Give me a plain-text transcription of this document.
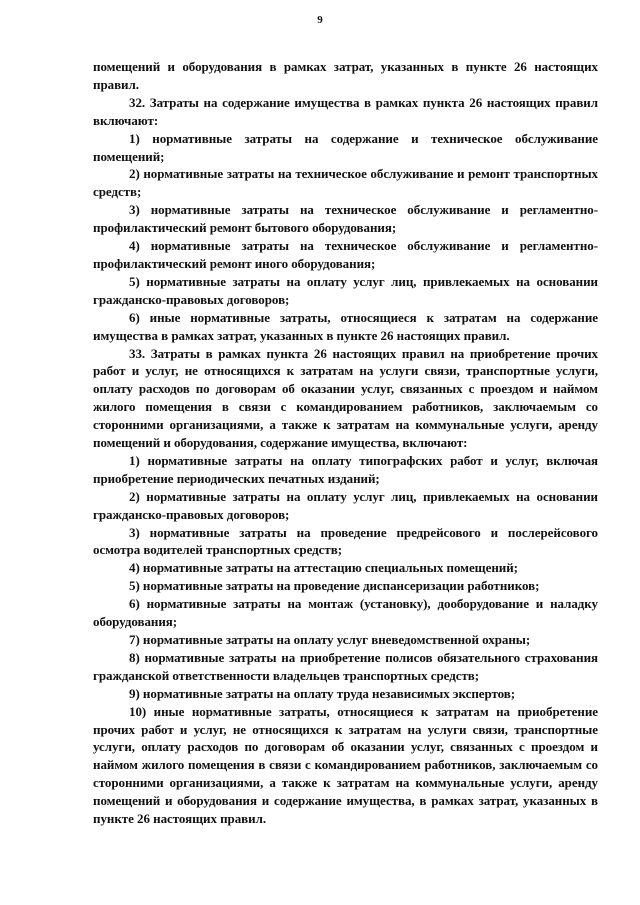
9

помещений и оборудования в рамках затрат, указанных в пункте 26 настоящих правил.

32. Затраты на содержание имущества в рамках пункта 26 настоящих правил включают:

1) нормативные затраты на содержание и техническое обслуживание помещений;

2) нормативные затраты на техническое обслуживание и ремонт транспортных средств;

3) нормативные затраты на техническое обслуживание и регламентно-профилактический ремонт бытового оборудования;

4) нормативные затраты на техническое обслуживание и регламентно-профилактический ремонт иного оборудования;

5) нормативные затраты на оплату услуг лиц, привлекаемых на основании гражданско-правовых договоров;

6) иные нормативные затраты, относящиеся к затратам на содержание имущества в рамках затрат, указанных в пункте 26 настоящих правил.

33. Затраты в рамках пункта 26 настоящих правил на приобретение прочих работ и услуг, не относящихся к затратам на услуги связи, транспортные услуги, оплату расходов по договорам об оказании услуг, связанных с проездом и наймом жилого помещения в связи с командированием работников, заключаемым со сторонними организациями, а также к затратам на коммунальные услуги, аренду помещений и оборудования, содержание имущества, включают:

1) нормативные затраты на оплату типографских работ и услуг, включая приобретение периодических печатных изданий;

2) нормативные затраты на оплату услуг лиц, привлекаемых на основании гражданско-правовых договоров;

3) нормативные затраты на проведение предрейсового и послерейсового осмотра водителей транспортных средств;

4) нормативные затраты на аттестацию специальных помещений;

5) нормативные затраты на проведение диспансеризации работников;

6) нормативные затраты на монтаж (установку), дооборудование и наладку оборудования;

7) нормативные затраты на оплату услуг вневедомственной охраны;

8) нормативные затраты на приобретение полисов обязательного страхования гражданской ответственности владельцев транспортных средств;

9) нормативные затраты на оплату труда независимых экспертов;

10) иные нормативные затраты, относящиеся к затратам на приобретение прочих работ и услуг, не относящихся к затратам на услуги связи, транспортные услуги, оплату расходов по договорам об оказании услуг, связанных с проездом и наймом жилого помещения в связи с командированием работников, заключаемым со сторонними организациями, а также к затратам на коммунальные услуги, аренду помещений и оборудования и содержание имущества, в рамках затрат, указанных в пункте 26 настоящих правил.
